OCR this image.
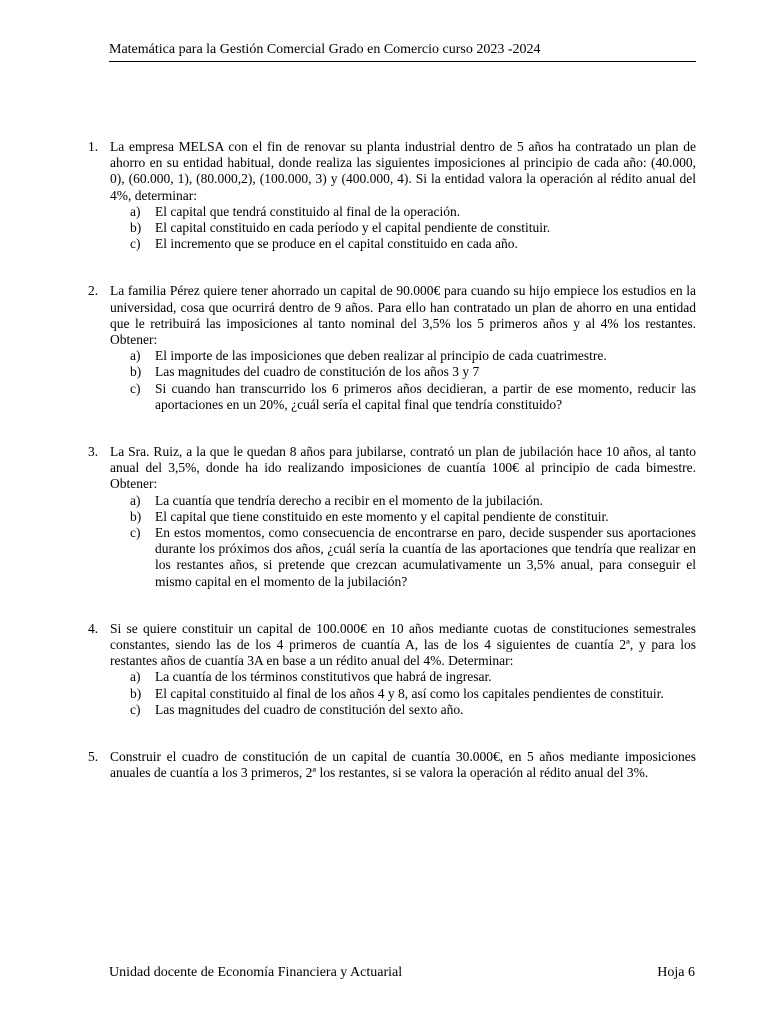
Matemática para la Gestión Comercial Grado en Comercio curso 2023 -2024
1. La empresa MELSA con el fin de renovar su planta industrial dentro de 5 años ha contratado un plan de ahorro en su entidad habitual, donde realiza las siguientes imposiciones al principio de cada año: (40.000, 0), (60.000, 1), (80.000,2), (100.000, 3) y (400.000, 4). Si la entidad valora la operación al rédito anual del 4%, determinar:

a) El capital que tendrá constituido al final de la operación.

b) El capital constituido en cada período y el capital pendiente de constituir.

c) El incremento que se produce en el capital constituido en cada año.

2. La familia Pérez quiere tener ahorrado un capital de 90.000€ para cuando su hijo empiece los estudios en la universidad, cosa que ocurrirá dentro de 9 años. Para ello han contratado un plan de ahorro en una entidad que le retribuirá las imposiciones al tanto nominal del 3,5% los 5 primeros años y al 4% los restantes. Obtener:

a) El importe de las imposiciones que deben realizar al principio de cada cuatrimestre.

b) Las magnitudes del cuadro de constitución de los años 3 y 7

c) Si cuando han transcurrido los 6 primeros años decidieran, a partir de ese momento, reducir las aportaciones en un 20%, ¿cuál sería el capital final que tendría constituido?

3. La Sra. Ruiz, a la que le quedan 8 años para jubilarse, contrató un plan de jubilación hace 10 años, al tanto anual del 3,5%, donde ha ido realizando imposiciones de cuantía 100€ al principio de cada bimestre. Obtener:

a) La cuantía que tendría derecho a recibir en el momento de la jubilación.

b) El capital que tiene constituido en este momento y el capital pendiente de constituir.

c) En estos momentos, como consecuencia de encontrarse en paro, decide suspender sus aportaciones durante los próximos dos años, ¿cuál sería la cuantía de las aportaciones que tendría que realizar en los restantes años, si pretende que crezcan acumulativamente un 3,5% anual, para conseguir el mismo capital en el momento de la jubilación?

4. Si se quiere constituir un capital de 100.000€ en 10 años mediante cuotas de constituciones semestrales constantes, siendo las de los 4 primeros de cuantía A, las de los 4 siguientes de cuantía 2ª, y para los restantes años de cuantía 3A en base a un rédito anual del 4%. Determinar:

a) La cuantía de los términos constitutivos que habrá de ingresar.

b) El capital constituido al final de los años 4 y 8, así como los capitales pendientes de constituir.

c) Las magnitudes del cuadro de constitución del sexto año.

5. Construir el cuadro de constitución de un capital de cuantía 30.000€, en 5 años mediante imposiciones anuales de cuantía a los 3 primeros, 2ª los restantes, si se valora la operación al rédito anual del 3%.

Unidad docente de Economía Financiera y Actuarial	Hoja 6
